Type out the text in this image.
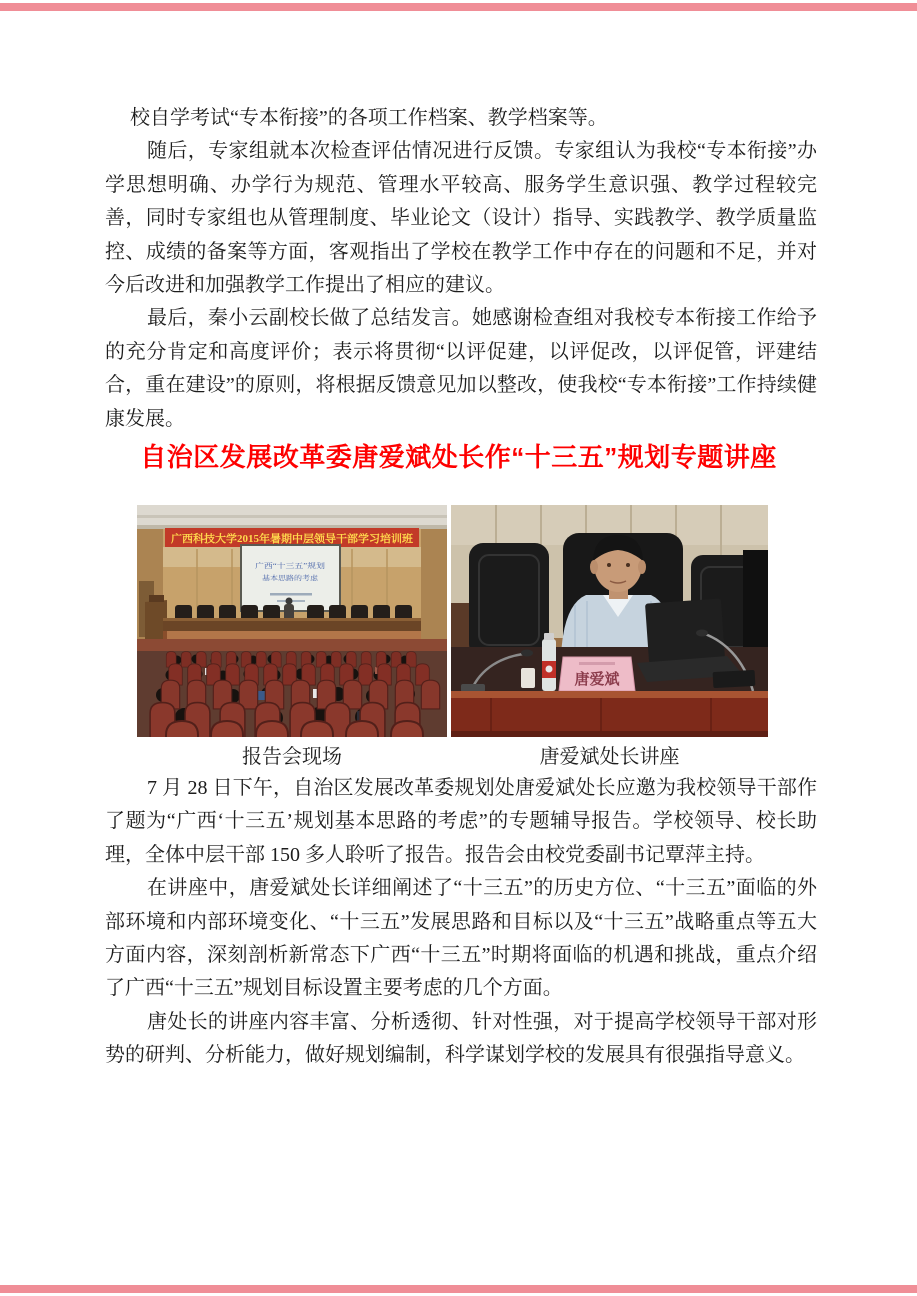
校自学考试“专本衔接”的各项工作档案、教学档案等。

随后，专家组就本次检查评估情况进行反馈。专家组认为我校“专本衔接”办学思想明确、办学行为规范、管理水平较高、服务学生意识强、教学过程较完善，同时专家组也从管理制度、毕业论文（设计）指导、实践教学、教学质量监控、成绩的备案等方面，客观指出了学校在教学工作中存在的问题和不足，并对今后改进和加强教学工作提出了相应的建议。

最后，秦小云副校长做了总结发言。她感谢检查组对我校专本衔接工作给予的充分肯定和高度评价；表示将贯彻“以评促建，以评促改，以评促管，评建结合，重在建设”的原则，将根据反馈意见加以整改，使我校“专本衔接”工作持续健康发展。

自治区发展改革委唐爱斌处长作“十三五”规划专题讲座
广西科技大学2015年暑期中层领导干部学习培训班
广西“十三五”规划
基本思路的考虑
唐爱斌
报告会现场	唐爱斌处长讲座

7 月 28 日下午，自治区发展改革委规划处唐爱斌处长应邀为我校领导干部作了题为“广西‘十三五’规划基本思路的考虑”的专题辅导报告。学校领导、校长助理，全体中层干部 150 多人聆听了报告。报告会由校党委副书记覃萍主持。

在讲座中，唐爱斌处长详细阐述了“十三五”的历史方位、“十三五”面临的外部环境和内部环境变化、“十三五”发展思路和目标以及“十三五”战略重点等五大方面内容，深刻剖析新常态下广西“十三五”时期将面临的机遇和挑战，重点介绍了广西“十三五”规划目标设置主要考虑的几个方面。

唐处长的讲座内容丰富、分析透彻、针对性强，对于提高学校领导干部对形势的研判、分析能力，做好规划编制，科学谋划学校的发展具有很强指导意义。
